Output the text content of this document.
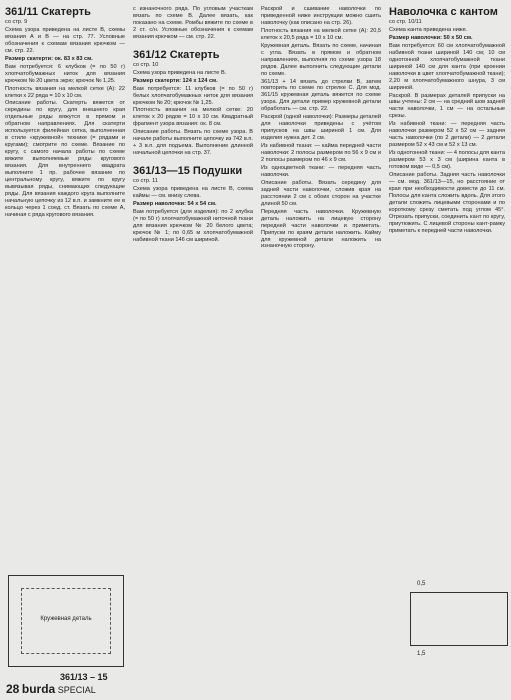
361/11 Скатерть

со стр. 9

Схема узора приведена на листе В, схемы вязания А и В — на стр. 77. Условные обозначения к схемам вязания крючком — см. стр. 22.

Размер скатерти: ок. 83 x 83 см.

Вам потребуется: 6 клубков (= по 50 г) хлопчатобумажных ниток для вязания крючком № 20 цвета экрю; крючок № 1,25.

Плотность вязания на мелкой сетке (А): 22 клетки x 22 ряда = 10 x 10 см.

Описание работы. Скатерть вяжется от середины по кругу, для внешнего края отдельные ряды вяжутся в прямом и обратном направлениях. Для скатерти используется филейная сетка, выполненная в стиле «кружевной» технике (= рядами и кругами); смотрите по схеме. Вязание по кругу, с самого начала работы по схеме вяжите выполняемые ряды кругового вязания. Для внутреннего квадрата выполните 1 пр. рабочее вязание по центральному кругу, вяжите по кругу вывязывая ряды, снимающих следующие ряды. Для вязания каждого круга выполните начальную цепочку из 12 в.п. и замкните ее в кольцо через 1 соед. ст. Вязать по схеме А, начиная с ряда кругового вязания.

с изнаночного ряда. По угловым участкам вязать по схеме В. Далее вязать, как показано на схеме. Ромбы вяжите по схеме в 2 ст. с/н. Условные обозначения к схемам вязания крючком — см. стр. 22.

361/12 Скатерть

со стр. 10

Схема узора приведена на листе В.

Размер скатерти: 124 x 124 см.

Вам потребуется: 11 клубков (= по 50 г) белых хлопчатобумажных ниток для вязания крючком № 20; крючок № 1,25.

Плотность вязания на мелкой сетке: 20 клеток x 20 рядов = 10 x 10 см. Квадратный фрагмент узора вязания: ок. 8 см.

Описание работы. Вязать по схеме узора. В начале работы выполните цепочку из 742 в.п. + 3 в.п. для подъема. Выполнение длинной начальной цепочки на стр. 37.

361/13—15 Подушки

со стр. 11

Схема узора приведена на листе В, схема каймы — см. внизу слева.

Размер наволочки: 54 x 54 см.

Вам потребуется (для изделия): по 2 клубка (= по 50 г) хлопчатобумажной ниточной ткани для вязания крючком № 20 белого цвета; крючок № 1; по 0,65 м хлопчатобумажной набивной ткани 146 см шириной.

Раскрой и сшивание наволочки по приведенной ниже инструкции можно сшить наволочку (как описано на стр. 26).

Плотность вязания на мелкой сетке (А): 20,5 клеток x 20,5 ряда = 10 x 10 см.

Кружевная деталь. Вязать по схеме, начиная с угла. Вязать в прямом и обратном направлениях, выполняя по схеме узора 18 рядов. Далее выполнить следующие детали по схеме.

361/13 + 14 вязать до стрелки В, затем повторить по схеме по стрелке С. Для мод. 361/15 кружевная деталь вяжется по схеме узора. Для детали пример кружевной детали обработать — см. стр. 22.

Раскрой (одной наволочки): Размеры деталей для наволочки приведены с учётом припусков на швы шириной 1 см. Для изделия нужна дет. 2 см.

Из набивной ткани: — кайма передней части наволочки: 2 полосы размером по 56 x 9 см и 2 полосы размером по 46 x 9 см.

Из одноцветной ткани: — передняя часть наволочки.

Описание работы. Вязать середину для задней части наволочки, сложив края на расстоянии 2 см с обоих сторон на участке длиной 50 см.

Передняя часть наволочки. Кружевную деталь наложить на лицевую сторону передней части наволочки и приметать. Припуски по краям детали наложить. Кайму для кружевной детали наложить на изнаночную сторону.

Наволочка с кантом

со стр. 10/11

Схема канта приведена ниже.

Размер наволочки: 50 x 50 см.

Вам потребуется: 60 см хлопчатобумажной набивной ткани шириной 140 см; 10 см однотонной хлопчатобумажной ткани шириной 140 см для канта (при кроении наволочки в цвет хлопчатобумажной ткани); 2,20 м хлопчатобумажного шнура, 3 см шириной.

Раскрой. В размерах деталей припуски на швы учтены: 2 см — на средний шов задней части наволочки, 1 см — на остальные срезы.

Из набивной ткани: — передняя часть наволочки размером 52 x 52 см — задняя часть наволочки (по 2 детали) — 2 детали размером 52 x 43 см и 52 x 13 см.

Из однотонной ткани: — 4 полосы для канта размером 53 x 3 см (ширина канта в готовом виде — 0,5 см).

Описание работы. Задняя часть наволочки — см. мод. 361/13—15, но расстояние от края при необходимости довести до 11 см. Полосы для канта сложить вдоль. Для этого детали сложить лицевыми сторонами и по короткому срезу сметать под углом 45°. Отрезать припуски, соединить кант по кругу, приутюжить. С лицевой стороны кант-рамку приметать к передней части наволочки.

Кружевная деталь
0,5
1,5
361/13 – 15
28 burda SPECIAL
